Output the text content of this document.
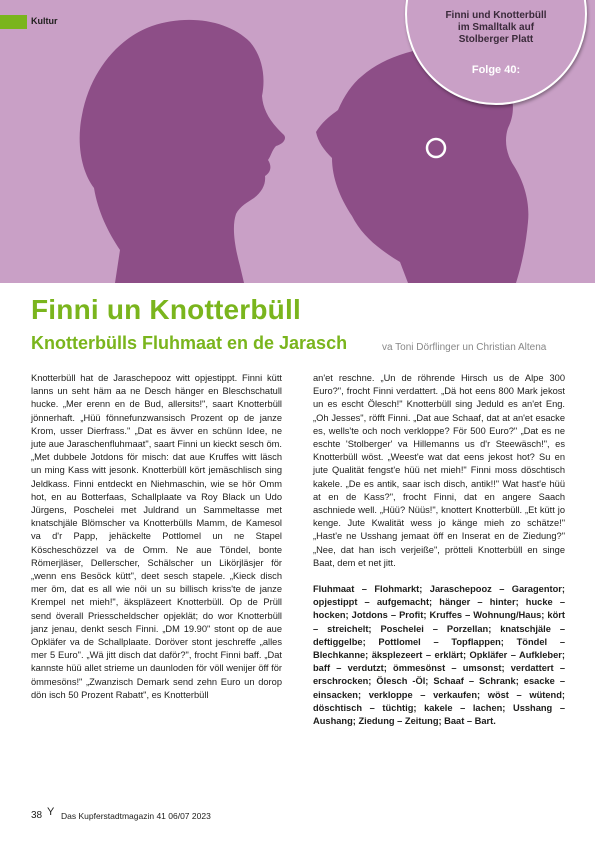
Kultur	Finni und Knotterbüll
im Smalltalk auf
Stolberger Platt
Folge 40:
Finni un Knotterbüll
Knotterbülls Fluhmaat en de Jarasch	va Toni Dörflinger un Christian Altena

Knotterbüll hat de Jaraschepooz witt opjestippt. Finni kütt lanns un seht häm aa ne Desch hänger en Bleschschatull hucke. „Mer erenn en de Bud, allersits!", saart Knotterbüll jönnerhaft. „Hüü fönnefunzwansisch Prozent op de janze Krom, usser Dierfrass." „Dat es ävver en schünn Idee, ne jute aue Jaraschenfluhmaat", saart Finni un kieckt sesch öm. „Met dubbele Jotdons för misch: dat aue Kruffes witt läsch un ming Kass witt jesonk. Knotterbüll kört jemäschlisch sing Jeldkass. Finni entdeckt en Niehmaschin, wie se hör Omm hot, en au Botterfaas, Schallplaate va Roy Black un Udo Jürgens, Poschelei met Juldrand un Sammeltasse met knatschjäle Blömscher va Knotterbülls Mamm, de Kamesol va d'r Papp, jehäckelte Pottlomel un ne Stapel Köscheschözzel va de Omm. Ne aue Töndel, bonte Römerjläser, Dellerscher, Schälscher un Likörjläsjer för „wenn ens Besöck kütt", deet sesch stapele. „Kieck disch mer öm, dat es all wie nöi un su billisch kriss'te de janze Krempel net mieh!", äkspläzeert Knotterbüll. Op de Prüll send överall Priesscheldscher opjeklät; do wor Knotterbüll janz jenau, denkt sesch Finni. „DM 19.90" stont op de aue Opkläfer va de Schallplaate. Doröver stont jeschreffe „alles mer 5 Euro". „Wä jitt disch dat daför?", frocht Finni baff. „Dat kannste hüü allet strieme un daunloden för völl wenijer öff för ömmesöns!" „Zwanzisch Demark send zehn Euro un dorop dön isch 50 Prozent Rabatt", es Knotterbüll

an'et reschne. „Un de röhrende Hirsch us de Alpe 300 Euro?", frocht Finni verdattert. „Dä hot eens 800 Mark jekost un es escht Ölesch!" Knotterbüll sing Jeduld es an'et Eng. „Oh Jesses", röfft Finni. „Dat aue Schaaf, dat at an'et esacke es, wells'te och noch verkloppe? För 500 Euro?" „Dat es ne eschte 'Stolberger' va Hillemanns us d'r Steewäsch!", es Knotterbüll wöst. „Weest'e wat dat eens jekost hot? Su en jute Qualität fengst'e hüü net mieh!" Finni moss döschtisch kakele. „De es antik, saar isch disch, antik!!" Wat hast'e hüü at en de Kass?", frocht Finni, dat en angere Saach aschniede well. „Hüü? Nüüs!", knottert Knotterbüll. „Et kütt jo kenge. Jute Kwalität wess jo känge mieh zo schätze!" „Hast'e ne Usshang jemaat öff en Inserat en de Ziedung?" „Nee, dat han isch verjeiße", prötteli Knotterbüll en singe Baat, dem et net jitt.

Fluhmaat – Flohmarkt; Jaraschepooz – Garagentor; opjestippt – aufgemacht; hänger – hinter; hucke – hocken; Jotdons – Profit; Kruffes – Wohnung/Haus; kört – streichelt; Poschelei – Porzellan; knatschjäle – deftiggelbe; Pottlomel – Topflappen; Töndel – Blechkanne; äksplezeert – erklärt; Opkläfer – Aufkleber; baff – verdutzt; ömmesönst – umsonst; verdattert – erschrocken; Ölesch -Öl; Schaaf – Schrank; esacke – einsacken; verkloppe – verkaufen; wöst – wütend; döschtisch – tüchtig; kakele – lachen; Usshang – Aushang; Ziedung – Zeitung; Baat – Bart.

38 Y Das Kupferstadtmagazin 41 06/07 2023
